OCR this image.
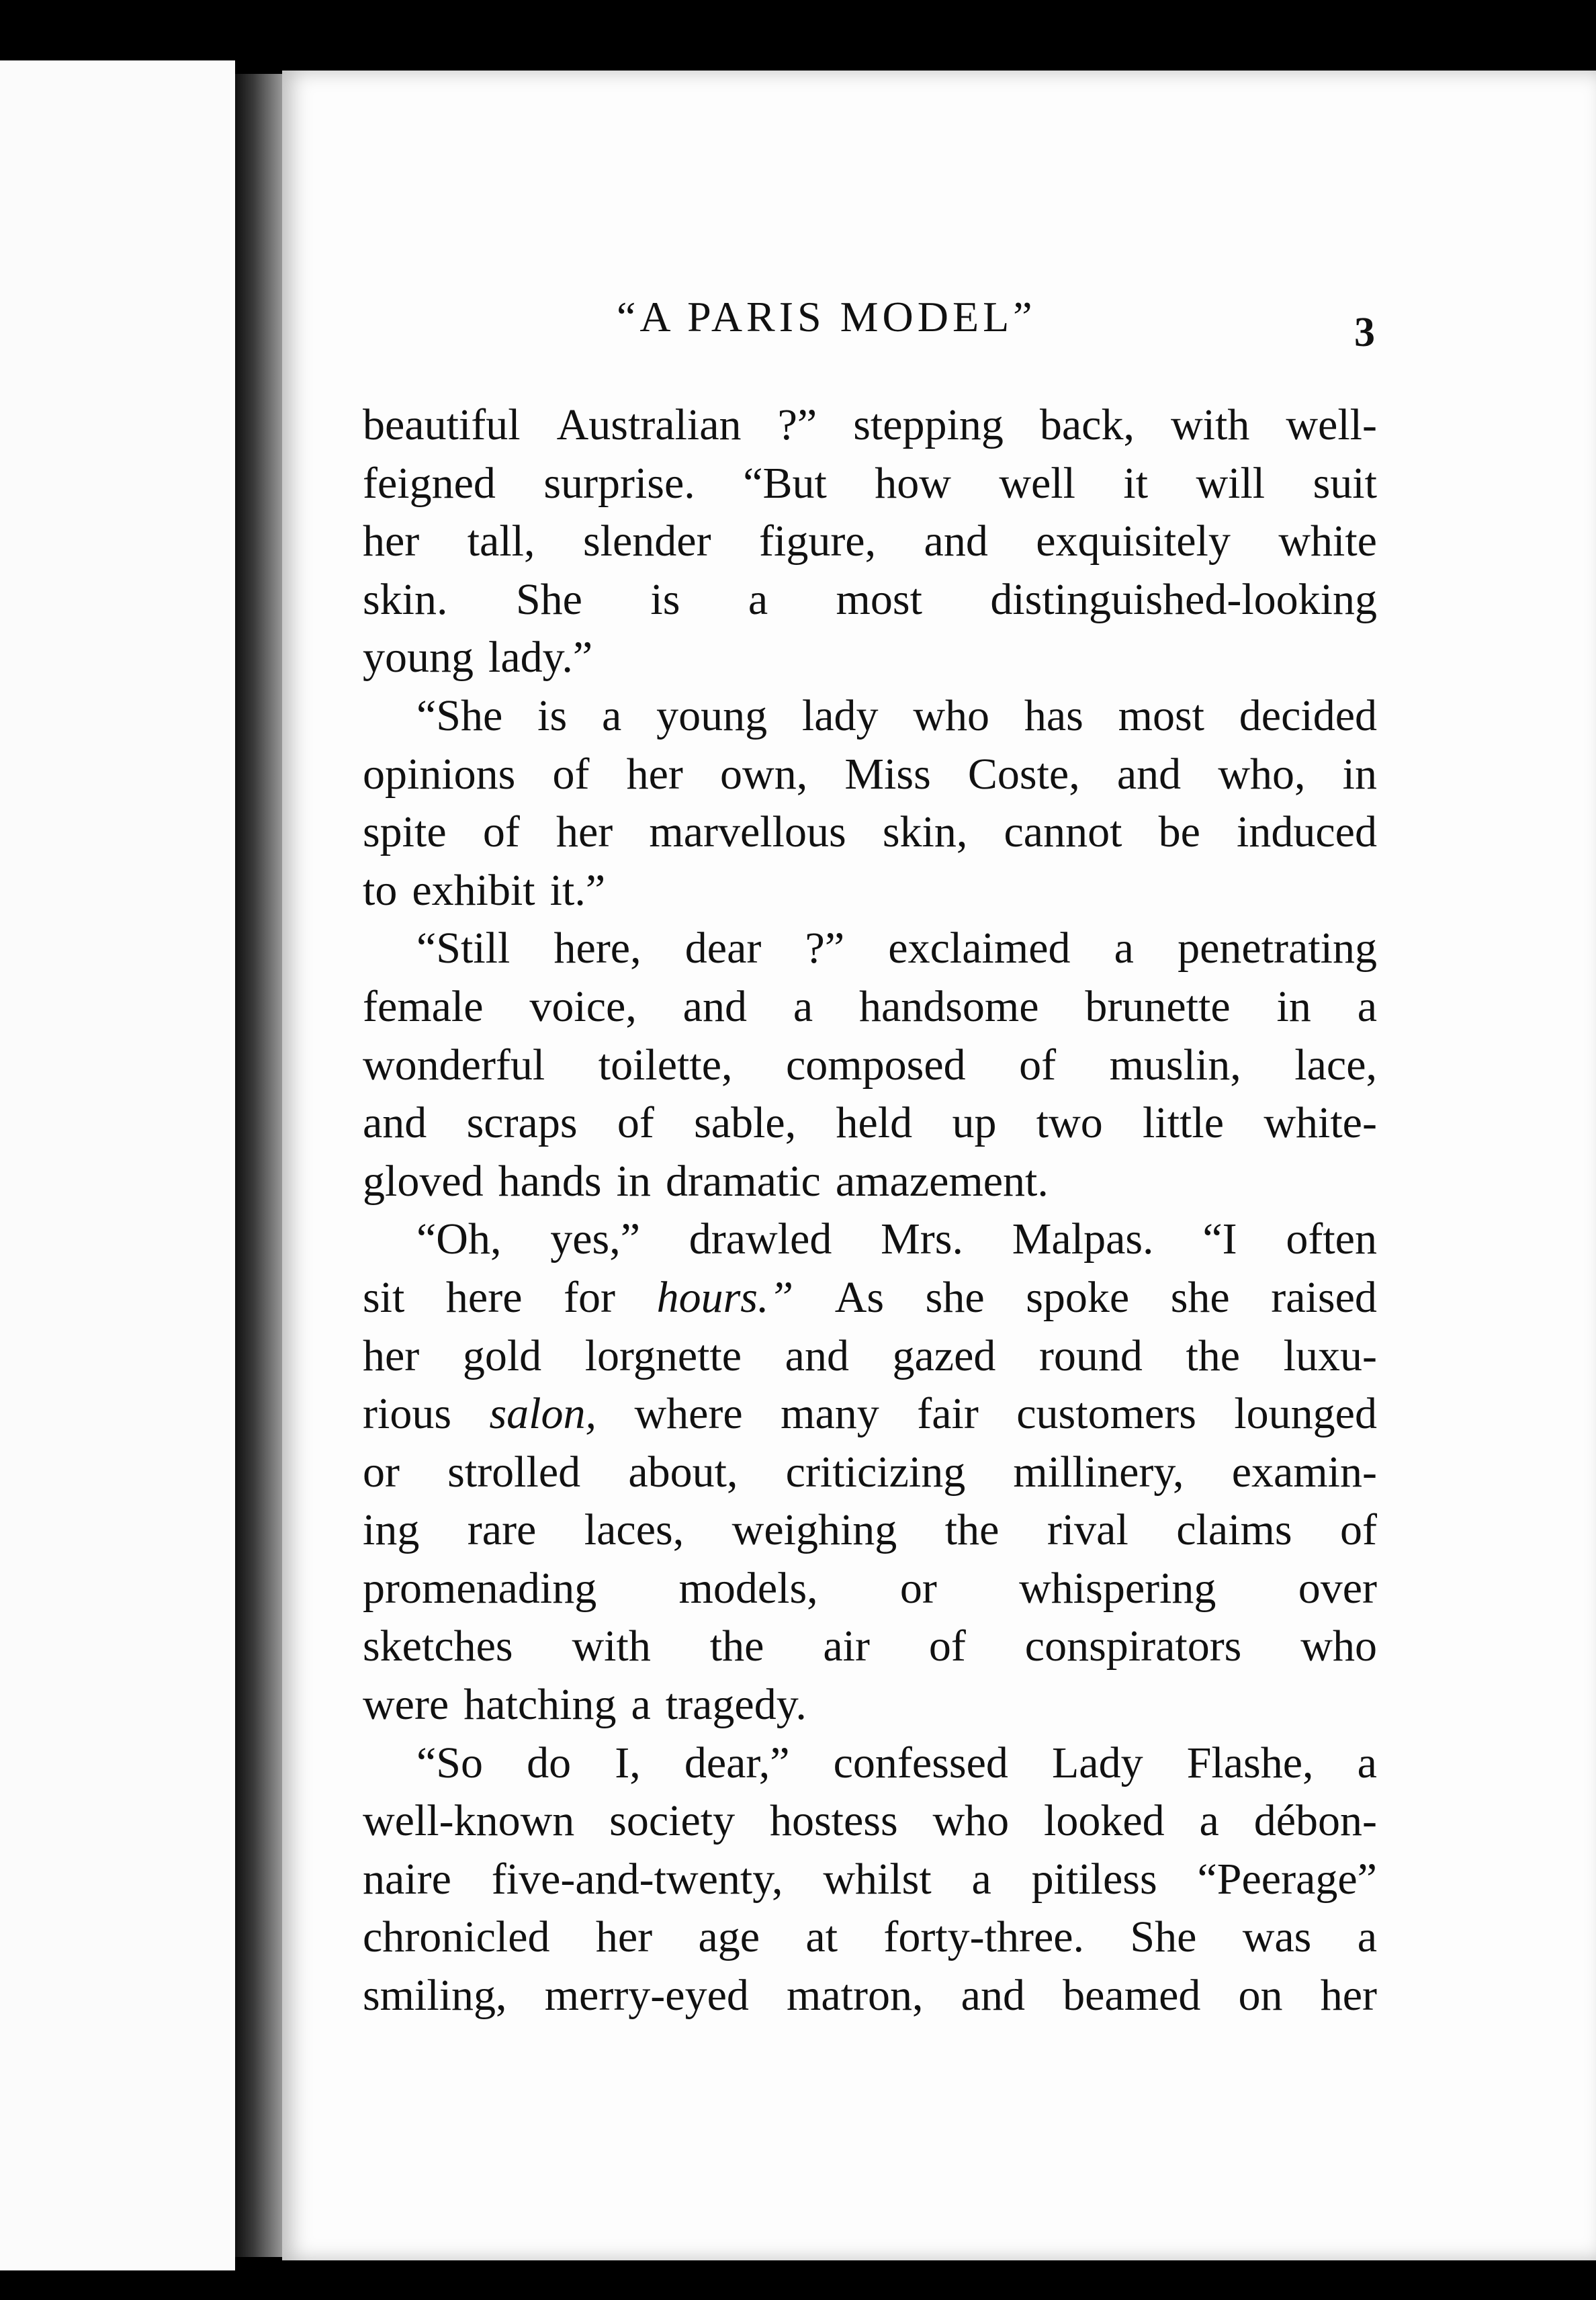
“A PARIS MODEL”	3
beautiful Australian ?” stepping back, with well-
feigned surprise. “But how well it will suit
her tall, slender figure, and exquisitely white
skin. She is a most distinguished-looking
young lady.”
“She is a young lady who has most decided
opinions of her own, Miss Coste, and who, in
spite of her marvellous skin, cannot be induced
to exhibit it.”
“Still here, dear ?” exclaimed a penetrating
female voice, and a handsome brunette in a
wonderful toilette, composed of muslin, lace,
and scraps of sable, held up two little white-
gloved hands in dramatic amazement.
“Oh, yes,” drawled Mrs. Malpas. “I often
sit here for hours.” As she spoke she raised
her gold lorgnette and gazed round the luxu-
rious salon, where many fair customers lounged
or strolled about, criticizing millinery, examin-
ing rare laces, weighing the rival claims of
promenading models, or whispering over
sketches with the air of conspirators who
were hatching a tragedy.
“So do I, dear,” confessed Lady Flashe, a
well-known society hostess who looked a débon-
naire five-and-twenty, whilst a pitiless “Peerage”
chronicled her age at forty-three. She was a
smiling, merry-eyed matron, and beamed on her
